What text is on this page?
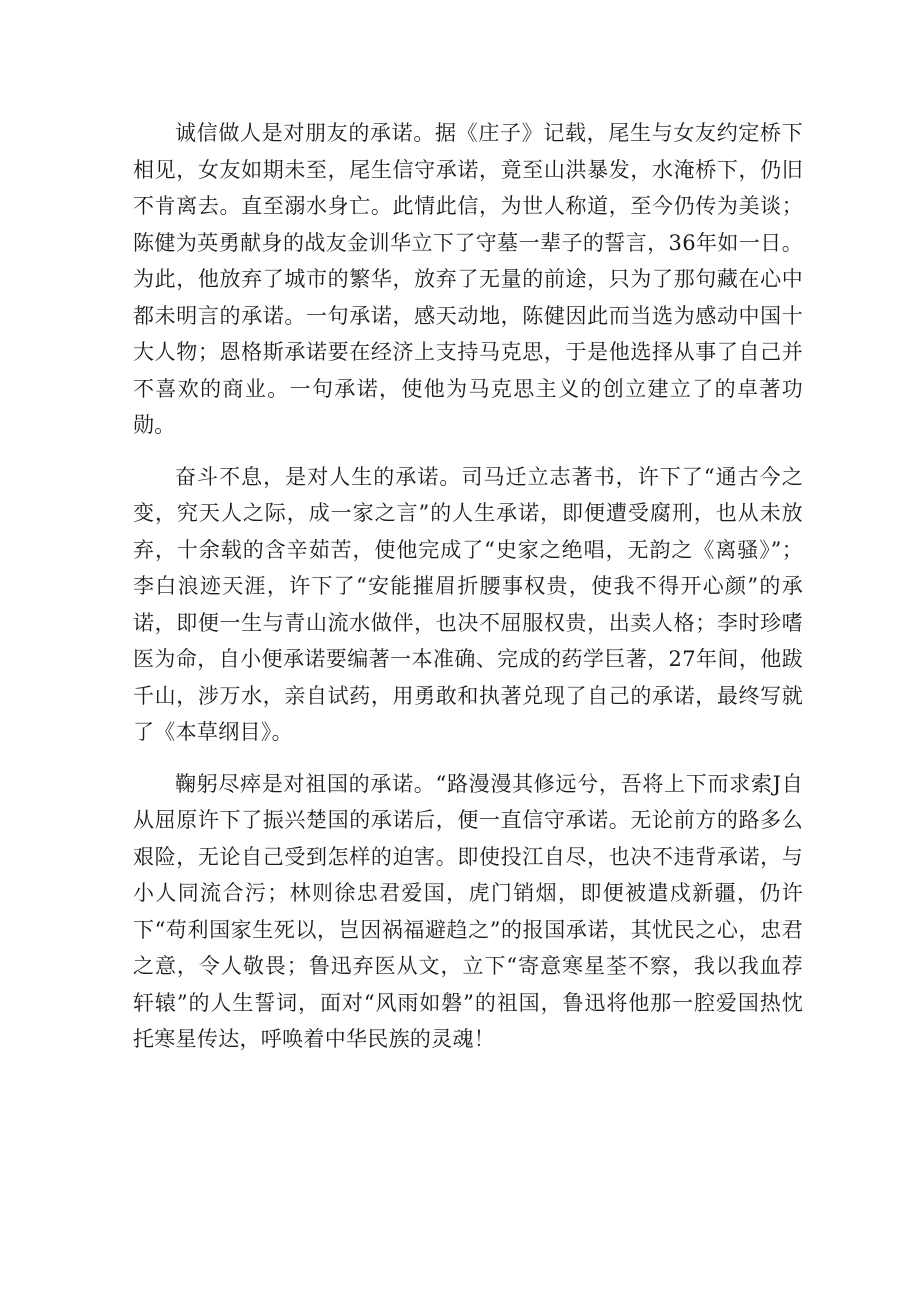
诚信做人是对朋友的承诺。据《庄子》记载，尾生与女友约定桥下相见，女友如期未至，尾生信守承诺，竟至山洪暴发，水淹桥下，仍旧不肯离去。直至溺水身亡。此情此信，为世人称道，至今仍传为美谈；陈健为英勇献身的战友金训华立下了守墓一辈子的誓言，36年如一日。为此，他放弃了城市的繁华，放弃了无量的前途，只为了那句藏在心中都未明言的承诺。一句承诺，感天动地，陈健因此而当选为感动中国十大人物；恩格斯承诺要在经济上支持马克思，于是他选择从事了自己并不喜欢的商业。一句承诺，使他为马克思主义的创立建立了的卓著功勋。

奋斗不息，是对人生的承诺。司马迁立志著书，许下了“通古今之变，究天人之际，成一家之言”的人生承诺，即便遭受腐刑，也从未放弃，十余载的含辛茹苦，使他完成了“史家之绝唱，无韵之《离骚》”；李白浪迹天涯，许下了“安能摧眉折腰事权贵，使我不得开心颜”的承诺，即便一生与青山流水做伴，也决不屈服权贵，出卖人格；李时珍嗜医为命，自小便承诺要编著一本准确、完成的药学巨著，27年间，他跋千山，涉万水，亲自试药，用勇敢和执著兑现了自己的承诺，最终写就了《本草纲目》。

鞠躬尽瘁是对祖国的承诺。“路漫漫其修远兮，吾将上下而求索J自从屈原许下了振兴楚国的承诺后，便一直信守承诺。无论前方的路多么艰险，无论自己受到怎样的迫害。即使投江自尽，也决不违背承诺，与小人同流合污；林则徐忠君爱国，虎门销烟，即便被遣戍新疆，仍许下“苟利国家生死以，岂因祸福避趋之”的报国承诺，其忧民之心，忠君之意，令人敬畏；鲁迅弃医从文，立下“寄意寒星荃不察，我以我血荐轩辕”的人生誓词，面对“风雨如磐”的祖国，鲁迅将他那一腔爱国热忱托寒星传达，呼唤着中华民族的灵魂！
